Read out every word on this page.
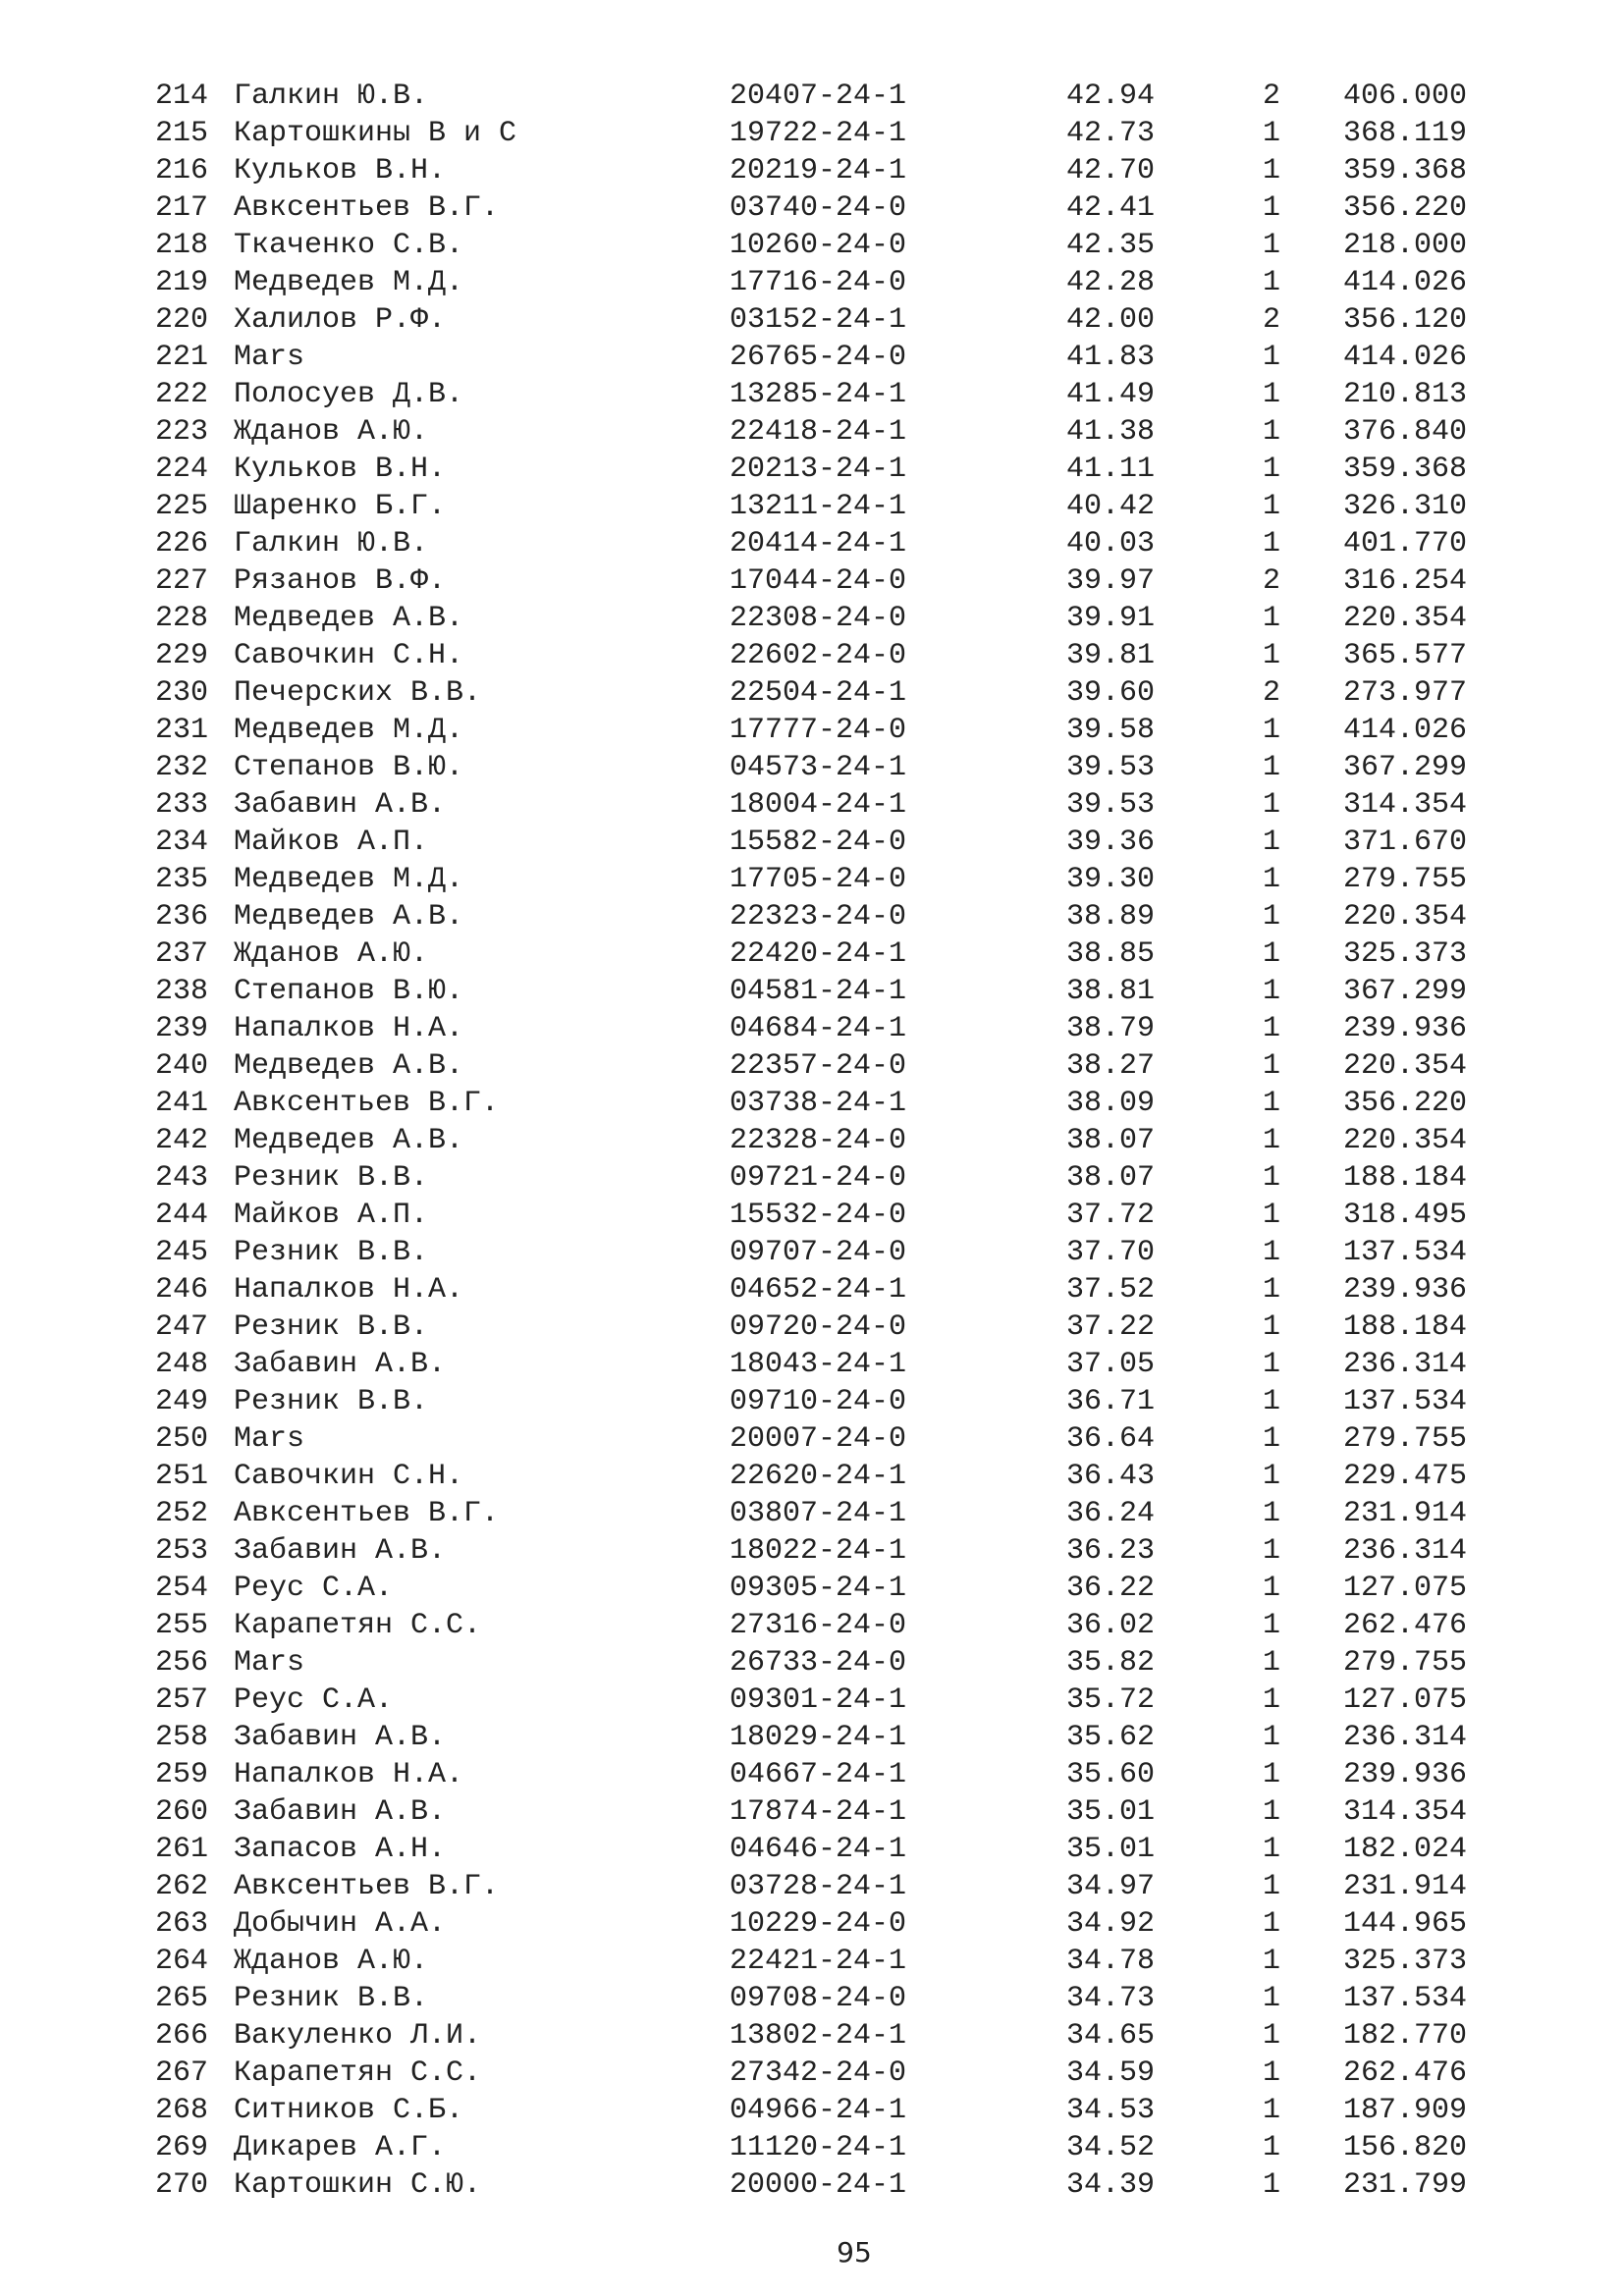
214 Галкин Ю.В.	20407-24-1	42.94	2 406.000
215 Картошкины В и С	19722-24-1	42.73	1 368.119
216 Кульков В.Н.	20219-24-1	42.70	1 359.368
217 Авксентьев В.Г.	03740-24-0	42.41	1 356.220
218 Ткаченко С.В.	10260-24-0	42.35	1 218.000
219 Медведев М.Д.	17716-24-0	42.28	1 414.026
220 Халилов Р.Ф.	03152-24-1	42.00	2 356.120
221 Mars	26765-24-0	41.83	1 414.026
222 Полосуев Д.В.	13285-24-1	41.49	1 210.813
223 Жданов А.Ю.	22418-24-1	41.38	1 376.840
224 Кульков В.Н.	20213-24-1	41.11	1 359.368
225 Шаренко Б.Г.	13211-24-1	40.42	1 326.310
226 Галкин Ю.В.	20414-24-1	40.03	1 401.770
227 Рязанов В.Ф.	17044-24-0	39.97	2 316.254
228 Медведев А.В.	22308-24-0	39.91	1 220.354
229 Савочкин С.Н.	22602-24-0	39.81	1 365.577
230 Печерских В.В.	22504-24-1	39.60	2 273.977
231 Медведев М.Д.	17777-24-0	39.58	1 414.026
232 Степанов В.Ю.	04573-24-1	39.53	1 367.299
233 Забавин А.В.	18004-24-1	39.53	1 314.354
234 Майков А.П.	15582-24-0	39.36	1 371.670
235 Медведев М.Д.	17705-24-0	39.30	1 279.755
236 Медведев А.В.	22323-24-0	38.89	1 220.354
237 Жданов А.Ю.	22420-24-1	38.85	1 325.373
238 Степанов В.Ю.	04581-24-1	38.81	1 367.299
239 Напалков Н.А.	04684-24-1	38.79	1 239.936
240 Медведев А.В.	22357-24-0	38.27	1 220.354
241 Авксентьев В.Г.	03738-24-1	38.09	1 356.220
242 Медведев А.В.	22328-24-0	38.07	1 220.354
243 Резник В.В.	09721-24-0	38.07	1 188.184
244 Майков А.П.	15532-24-0	37.72	1 318.495
245 Резник В.В.	09707-24-0	37.70	1 137.534
246 Напалков Н.А.	04652-24-1	37.52	1 239.936
247 Резник В.В.	09720-24-0	37.22	1 188.184
248 Забавин А.В.	18043-24-1	37.05	1 236.314
249 Резник В.В.	09710-24-0	36.71	1 137.534
250 Mars	20007-24-0	36.64	1 279.755
251 Савочкин С.Н.	22620-24-1	36.43	1 229.475
252 Авксентьев В.Г.	03807-24-1	36.24	1 231.914
253 Забавин А.В.	18022-24-1	36.23	1 236.314
254 Реус С.А.	09305-24-1	36.22	1 127.075
255 Карапетян С.С.	27316-24-0	36.02	1 262.476
256 Mars	26733-24-0	35.82	1 279.755
257 Реус С.А.	09301-24-1	35.72	1 127.075
258 Забавин А.В.	18029-24-1	35.62	1 236.314
259 Напалков Н.А.	04667-24-1	35.60	1 239.936
260 Забавин А.В.	17874-24-1	35.01	1 314.354
261 Запасов А.Н.	04646-24-1	35.01	1 182.024
262 Авксентьев В.Г.	03728-24-1	34.97	1 231.914
263 Добычин А.А.	10229-24-0	34.92	1 144.965
264 Жданов А.Ю.	22421-24-1	34.78	1 325.373
265 Резник В.В.	09708-24-0	34.73	1 137.534
266 Вакуленко Л.И.	13802-24-1	34.65	1 182.770
267 Карапетян С.С.	27342-24-0	34.59	1 262.476
268 Ситников С.Б.	04966-24-1	34.53	1 187.909
269 Дикарев А.Г.	11120-24-1	34.52	1 156.820
270 Картошкин С.Ю.	20000-24-1	34.39	1 231.799
95
